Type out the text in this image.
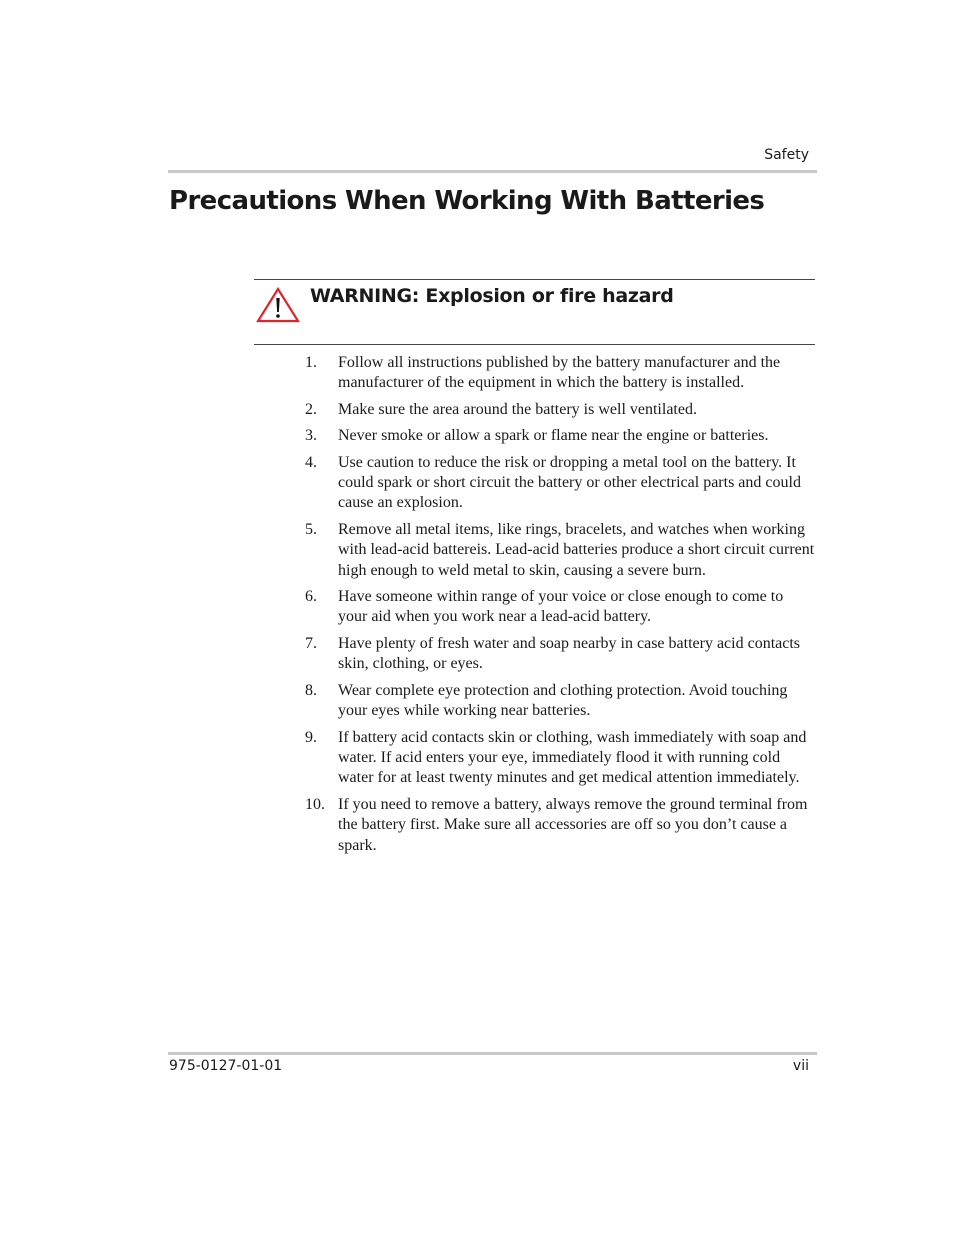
Safety
Precautions When Working With Batteries
WARNING: Explosion or fire hazard
1.	Follow all instructions published by the battery manufacturer and the manufacturer of the equipment in which the battery is installed.
2.	Make sure the area around the battery is well ventilated.
3.	Never smoke or allow a spark or flame near the engine or batteries.
4.	Use caution to reduce the risk or dropping a metal tool on the battery. It could spark or short circuit the battery or other electrical parts and could cause an explosion.
5.	Remove all metal items, like rings, bracelets, and watches when working with lead-acid battereis. Lead-acid batteries produce a short circuit current high enough to weld metal to skin, causing a severe burn.
6.	Have someone within range of your voice or close enough to come to your aid when you work near a lead-acid battery.
7.	Have plenty of fresh water and soap nearby in case battery acid contacts skin, clothing, or eyes.
8.	Wear complete eye protection and clothing protection. Avoid touching your eyes while working near batteries.
9.	If battery acid contacts skin or clothing, wash immediately with soap and water. If acid enters your eye, immediately flood it with running cold water for at least twenty minutes and get medical attention immediately.
10. If you need to remove a battery, always remove the ground terminal from the battery first. Make sure all accessories are off so you don’t cause a spark.
975-0127-01-01	vii
